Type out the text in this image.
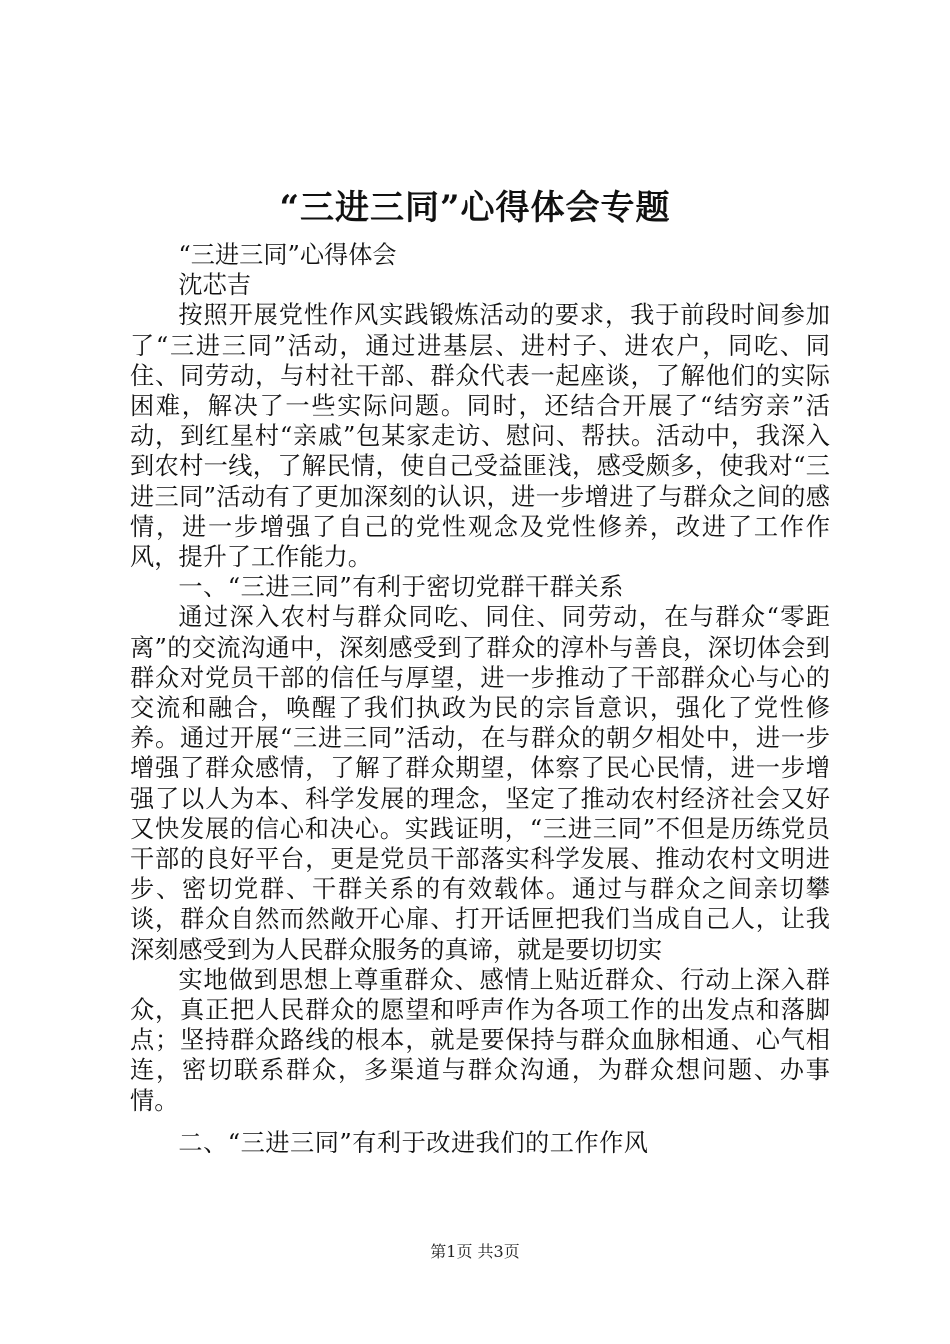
“三进三同”心得体会专题

“三进三同”心得体会

沈芯吉

按照开展党性作风实践锻炼活动的要求，我于前段时间参加了“三进三同”活动，通过进基层、进村子、进农户，同吃、同住、同劳动，与村社干部、群众代表一起座谈，了解他们的实际困难，解决了一些实际问题。同时，还结合开展了“结穷亲”活动，到红星村“亲戚”包某家走访、慰问、帮扶。活动中，我深入到农村一线，了解民情，使自己受益匪浅，感受颇多，使我对“三进三同”活动有了更加深刻的认识，进一步增进了与群众之间的感情，进一步增强了自己的党性观念及党性修养，改进了工作作风，提升了工作能力。

一、“三进三同”有利于密切党群干群关系

通过深入农村与群众同吃、同住、同劳动，在与群众“零距离”的交流沟通中，深刻感受到了群众的淳朴与善良，深切体会到群众对党员干部的信任与厚望，进一步推动了干部群众心与心的交流和融合，唤醒了我们执政为民的宗旨意识，强化了党性修养。通过开展“三进三同”活动，在与群众的朝夕相处中，进一步增强了群众感情，了解了群众期望，体察了民心民情，进一步增强了以人为本、科学发展的理念，坚定了推动农村经济社会又好又快发展的信心和决心。实践证明，“三进三同”不但是历练党员干部的良好平台，更是党员干部落实科学发展、推动农村文明进步、密切党群、干群关系的有效载体。通过与群众之间亲切攀谈，群众自然而然敞开心扉、打开话匣把我们当成自己人，让我深刻感受到为人民群众服务的真谛，就是要切切实

实地做到思想上尊重群众、感情上贴近群众、行动上深入群众，真正把人民群众的愿望和呼声作为各项工作的出发点和落脚点；坚持群众路线的根本，就是要保持与群众血脉相通、心气相连，密切联系群众，多渠道与群众沟通，为群众想问题、办事情。

二、“三进三同”有利于改进我们的工作作风

第1页 共3页
